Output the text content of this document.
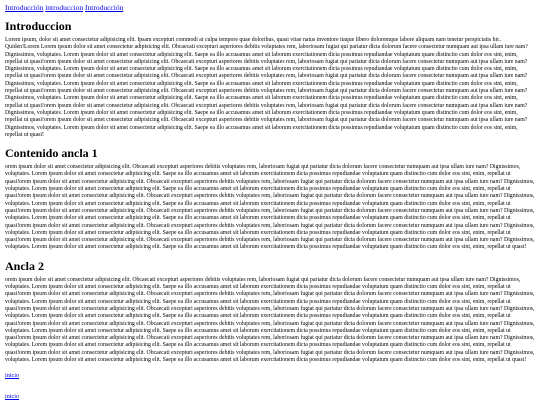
Introducción introduccion Introducción
Introduccion

Lorem ipsum, dolor sit amet consectetur adipisicing elit. Ipsam excepturi commodi at culpa tempore quae doloribus, quasi vitae natus inventore itaque libero doloremque labore aliquam nam tenetur perspiciatis hic. Quiden!Lorem Lorem ipsum dolor sit amet consectetur adipisicing elit. Obcaecati excepturi asperiores debitis voluptates rem, laboriosam fugiat qui pariatur dicta dolorum facere consectetur numquam aut ipsa ullam iure nam? Dignissimos, voluptates. Lorem ipsum dolor sit amet consectetur adipisicing elit. Saepe ea illo accusamus amet sit laborum exercitationem dicta possimus repudiandae voluptatum quam distinctio cum dolor eos sint, enim, repellat ut quasi!orem ipsum dolor sit amet consectetur adipisicing elit. Obcaecati excepturi asperiores debitis voluptates rem, laboriosam fugiat qui pariatur dicta dolorum facere consectetur numquam aut ipsa ullam iure nam? Dignissimos, voluptates. Lorem ipsum dolor sit amet consectetur adipisicing elit. Saepe ea illo accusamus amet sit laborum exercitationem dicta possimus repudiandae voluptatum quam distinctio cum dolor eos sint, enim, repellat ut quasi!orem ipsum dolor sit amet consectetur adipisicing elit. Obcaecati excepturi asperiores debitis voluptates rem, laboriosam fugiat qui pariatur dicta dolorum facere consectetur numquam aut ipsa ullam iure nam? Dignissimos, voluptates. Lorem ipsum dolor sit amet consectetur adipisicing elit. Saepe ea illo accusamus amet sit laborum exercitationem dicta possimus repudiandae voluptatum quam distinctio cum dolor eos sint, enim, repellat ut quasi!orem ipsum dolor sit amet consectetur adipisicing elit. Obcaecati excepturi asperiores debitis voluptates rem, laboriosam fugiat qui pariatur dicta dolorum facere consectetur numquam aut ipsa ullam iure nam? Dignissimos, voluptates. Lorem ipsum dolor sit amet consectetur adipisicing elit. Saepe ea illo accusamus amet sit laborum exercitationem dicta possimus repudiandae voluptatum quam distinctio cum dolor eos sint, enim, repellat ut quasi!orem ipsum dolor sit amet consectetur adipisicing elit. Obcaecati excepturi asperiores debitis voluptates rem, laboriosam fugiat qui pariatur dicta dolorum facere consectetur numquam aut ipsa ullam iure nam? Dignissimos, voluptates. Lorem ipsum dolor sit amet consectetur adipisicing elit. Saepe ea illo accusamus amet sit laborum exercitationem dicta possimus repudiandae voluptatum quam distinctio cum dolor eos sint, enim, repellat ut quasi!orem ipsum dolor sit amet consectetur adipisicing elit. Obcaecati excepturi asperiores debitis voluptates rem, laboriosam fugiat qui pariatur dicta dolorum facere consectetur numquam aut ipsa ullam iure nam? Dignissimos, voluptates. Lorem ipsum dolor sit amet consectetur adipisicing elit. Saepe ea illo accusamus amet sit laborum exercitationem dicta possimus repudiandae voluptatum quam distinctio cum dolor eos sint, enim, repellat ut quasi!

Contenido ancla 1

orem ipsum dolor sit amet consectetur adipisicing elit. Obcaecati excepturi asperiores debitis voluptates rem, laboriosam fugiat qui pariatur dicta dolorum facere consectetur numquam aut ipsa ullam iure nam? Dignissimos, voluptates. Lorem ipsum dolor sit amet consectetur adipisicing elit. Saepe ea illo accusamus amet sit laborum exercitationem dicta possimus repudiandae voluptatum quam distinctio cum dolor eos sint, enim, repellat ut quasi!orem ipsum dolor sit amet consectetur adipisicing elit. Obcaecati excepturi asperiores debitis voluptates rem, laboriosam fugiat qui pariatur dicta dolorum facere consectetur numquam aut ipsa ullam iure nam? Dignissimos, voluptates. Lorem ipsum dolor sit amet consectetur adipisicing elit. Saepe ea illo accusamus amet sit laborum exercitationem dicta possimus repudiandae voluptatum quam distinctio cum dolor eos sint, enim, repellat ut quasi!orem ipsum dolor sit amet consectetur adipisicing elit. Obcaecati excepturi asperiores debitis voluptates rem, laboriosam fugiat qui pariatur dicta dolorum facere consectetur numquam aut ipsa ullam iure nam? Dignissimos, voluptates. Lorem ipsum dolor sit amet consectetur adipisicing elit. Saepe ea illo accusamus amet sit laborum exercitationem dicta possimus repudiandae voluptatum quam distinctio cum dolor eos sint, enim, repellat ut quasi!orem ipsum dolor sit amet consectetur adipisicing elit. Obcaecati excepturi asperiores debitis voluptates rem, laboriosam fugiat qui pariatur dicta dolorum facere consectetur numquam aut ipsa ullam iure nam? Dignissimos, voluptates. Lorem ipsum dolor sit amet consectetur adipisicing elit. Saepe ea illo accusamus amet sit laborum exercitationem dicta possimus repudiandae voluptatum quam distinctio cum dolor eos sint, enim, repellat ut quasi!orem ipsum dolor sit amet consectetur adipisicing elit. Obcaecati excepturi asperiores debitis voluptates rem, laboriosam fugiat qui pariatur dicta dolorum facere consectetur numquam aut ipsa ullam iure nam? Dignissimos, voluptates. Lorem ipsum dolor sit amet consectetur adipisicing elit. Saepe ea illo accusamus amet sit laborum exercitationem dicta possimus repudiandae voluptatum quam distinctio cum dolor eos sint, enim, repellat ut quasi!orem ipsum dolor sit amet consectetur adipisicing elit. Obcaecati excepturi asperiores debitis voluptates rem, laboriosam fugiat qui pariatur dicta dolorum facere consectetur numquam aut ipsa ullam iure nam? Dignissimos, voluptates. Lorem ipsum dolor sit amet consectetur adipisicing elit. Saepe ea illo accusamus amet sit laborum exercitationem dicta possimus repudiandae voluptatum quam distinctio cum dolor eos sint, enim, repellat ut quasi!

Ancla 2

orem ipsum dolor sit amet consectetur adipisicing elit. Obcaecati excepturi asperiores debitis voluptates rem, laboriosam fugiat qui pariatur dicta dolorum facere consectetur numquam aut ipsa ullam iure nam? Dignissimos, voluptates. Lorem ipsum dolor sit amet consectetur adipisicing elit. Saepe ea illo accusamus amet sit laborum exercitationem dicta possimus repudiandae voluptatum quam distinctio cum dolor eos sint, enim, repellat ut quasi!orem ipsum dolor sit amet consectetur adipisicing elit. Obcaecati excepturi asperiores debitis voluptates rem, laboriosam fugiat qui pariatur dicta dolorum facere consectetur numquam aut ipsa ullam iure nam? Dignissimos, voluptates. Lorem ipsum dolor sit amet consectetur adipisicing elit. Saepe ea illo accusamus amet sit laborum exercitationem dicta possimus repudiandae voluptatum quam distinctio cum dolor eos sint, enim, repellat ut quasi!orem ipsum dolor sit amet consectetur adipisicing elit. Obcaecati excepturi asperiores debitis voluptates rem, laboriosam fugiat qui pariatur dicta dolorum facere consectetur numquam aut ipsa ullam iure nam? Dignissimos, voluptates. Lorem ipsum dolor sit amet consectetur adipisicing elit. Saepe ea illo accusamus amet sit laborum exercitationem dicta possimus repudiandae voluptatum quam distinctio cum dolor eos sint, enim, repellat ut quasi!orem ipsum dolor sit amet consectetur adipisicing elit. Obcaecati excepturi asperiores debitis voluptates rem, laboriosam fugiat qui pariatur dicta dolorum facere consectetur numquam aut ipsa ullam iure nam? Dignissimos, voluptates. Lorem ipsum dolor sit amet consectetur adipisicing elit. Saepe ea illo accusamus amet sit laborum exercitationem dicta possimus repudiandae voluptatum quam distinctio cum dolor eos sint, enim, repellat ut quasi!orem ipsum dolor sit amet consectetur adipisicing elit. Obcaecati excepturi asperiores debitis voluptates rem, laboriosam fugiat qui pariatur dicta dolorum facere consectetur numquam aut ipsa ullam iure nam? Dignissimos, voluptates. Lorem ipsum dolor sit amet consectetur adipisicing elit. Saepe ea illo accusamus amet sit laborum exercitationem dicta possimus repudiandae voluptatum quam distinctio cum dolor eos sint, enim, repellat ut quasi!orem ipsum dolor sit amet consectetur adipisicing elit. Obcaecati excepturi asperiores debitis voluptates rem, laboriosam fugiat qui pariatur dicta dolorum facere consectetur numquam aut ipsa ullam iure nam? Dignissimos, voluptates. Lorem ipsum dolor sit amet consectetur adipisicing elit. Saepe ea illo accusamus amet sit laborum exercitationem dicta possimus repudiandae voluptatum quam distinctio cum dolor eos sint, enim, repellat ut quasi!

inicio
inicio
